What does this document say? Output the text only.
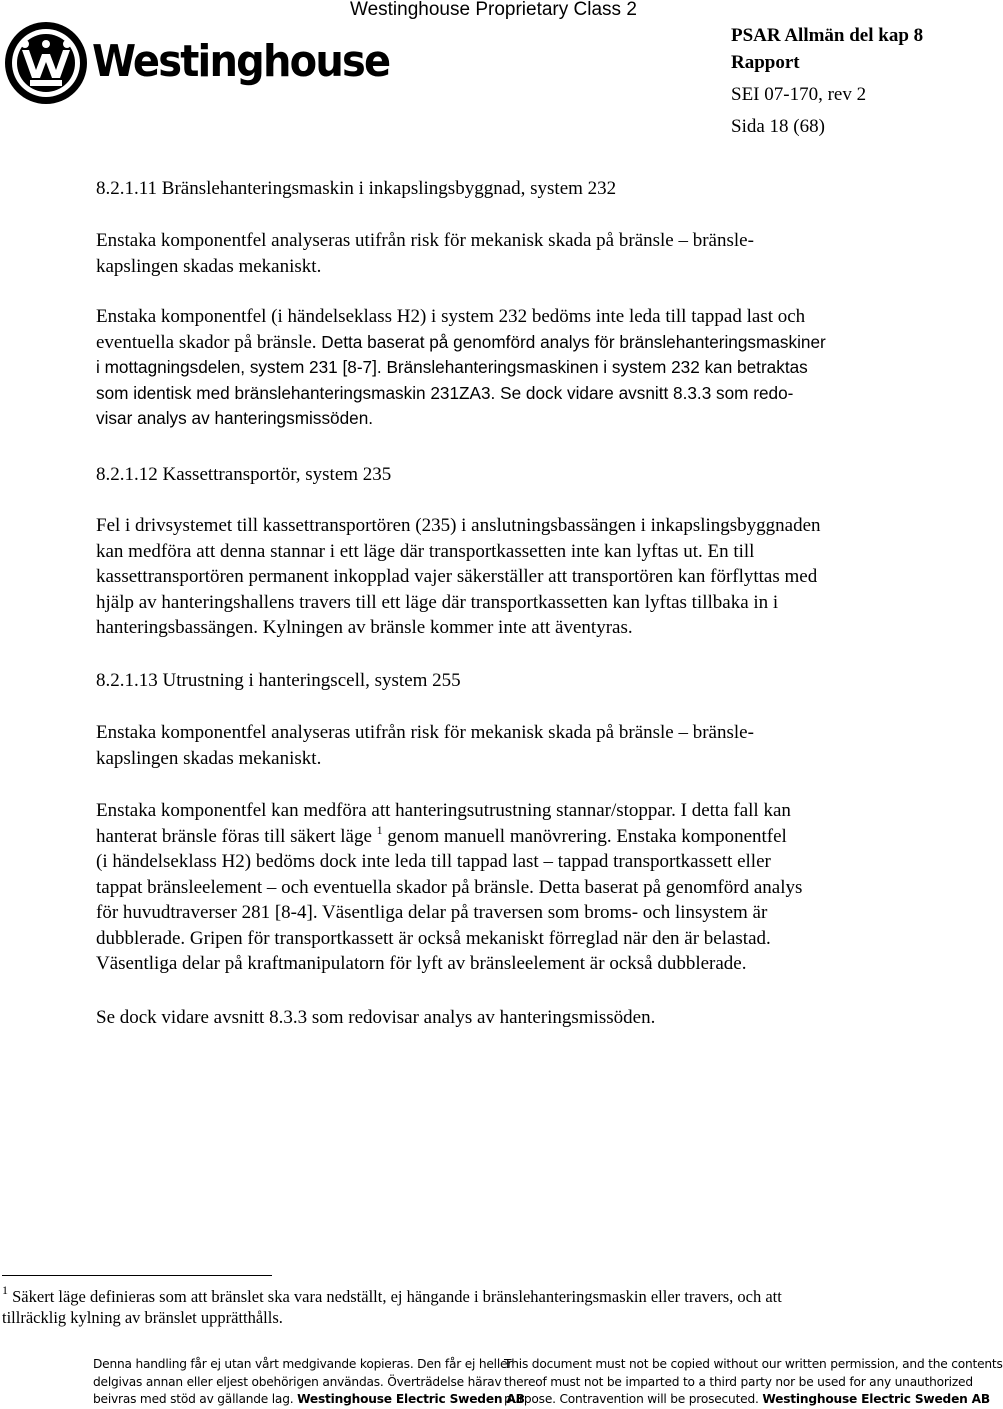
Westinghouse
Westinghouse Proprietary Class 2
PSAR Allmän del kap 8
Rapport
SEI 07-170, rev 2
Sida 18 (68)
8.2.1.11 Bränslehanteringsmaskin i inkapslingsbyggnad, system 232
Enstaka komponentfel analyseras utifrån risk för mekanisk skada på bränsle – bränsle-
kapslingen skadas mekaniskt.
Enstaka komponentfel (i händelseklass H2) i system 232 bedöms inte leda till tappad last och
eventuella skador på bränsle. Detta baserat på genomförd analys för bränslehanteringsmaskiner
i mottagningsdelen, system 231 [8-7]. Bränslehanteringsmaskinen i system 232 kan betraktas
som identisk med bränslehanteringsmaskin 231ZA3. Se dock vidare avsnitt 8.3.3 som redo-
visar analys av hanteringsmissöden.
8.2.1.12 Kassettransportör, system 235
Fel i drivsystemet till kassettransportören (235) i anslutningsbassängen i inkapslingsbyggnaden
kan medföra att denna stannar i ett läge där transportkassetten inte kan lyftas ut. En till
kassettransportören permanent inkopplad vajer säkerställer att transportören kan förflyttas med
hjälp av hanteringshallens travers till ett läge där transportkassetten kan lyftas tillbaka in i
hanteringsbassängen. Kylningen av bränsle kommer inte att äventyras.
8.2.1.13 Utrustning i hanteringscell, system 255
Enstaka komponentfel analyseras utifrån risk för mekanisk skada på bränsle – bränsle-
kapslingen skadas mekaniskt.
Enstaka komponentfel kan medföra att hanteringsutrustning stannar/stoppar. I detta fall kan
hanterat bränsle föras till säkert läge $^1$ genom manuell manövrering. Enstaka komponentfel
(i händelseklass H2) bedöms dock inte leda till tappad last – tappad transportkassett eller
tappat bränsleelement – och eventuella skador på bränsle. Detta baserat på genomförd analys
för huvudtraverser 281 [8-4]. Väsentliga delar på traversen som broms- och linsystem är
dubblerade. Gripen för transportkassett är också mekaniskt förreglad när den är belastad.
Väsentliga delar på kraftmanipulatorn för lyft av bränsleelement är också dubblerade.
Se dock vidare avsnitt 8.3.3 som redovisar analys av hanteringsmissöden.
$^1$ Säkert läge definieras som att bränslet ska vara nedställt, ej hängande i bränslehanteringsmaskin eller travers, och att
tillräcklig kylning av bränslet upprätthålls.
Denna handling får ej utan vårt medgivande kopieras. Den får ej heller
delgivas annan eller eljest obehörigen användas. Överträdelse härav
beivras med stöd av gällande lag. Westinghouse Electric Sweden AB
This document must not be copied without our written permission, and the contents
thereof must not be imparted to a third party nor be used for any unauthorized
purpose. Contravention will be prosecuted. Westinghouse Electric Sweden AB
